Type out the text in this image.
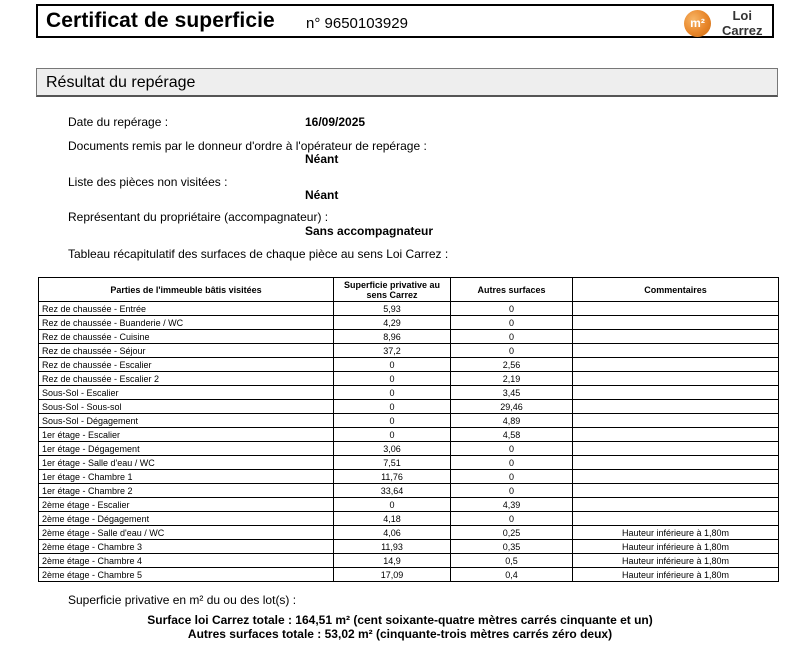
Certificat de superficie n° 9650103929	m²	Loi
Carrez
Résultat du repérage
Date du repérage :	16/09/2025
Documents remis par le donneur d'ordre à l'opérateur de repérage :
Néant
Liste des pièces non visitées :
Néant
Représentant du propriétaire (accompagnateur) :
Sans accompagnateur
Tableau récapitulatif des surfaces de chaque pièce au sens Loi Carrez :
Parties de l'immeuble bâtis visitées	Superficie privative au sens Carrez	Autres surfaces	Commentaires
Rez de chaussée - Entrée	5,93	0	
Rez de chaussée - Buanderie / WC	4,29	0	
Rez de chaussée - Cuisine	8,96	0	
Rez de chaussée - Séjour	37,2	0	
Rez de chaussée - Escalier	0	2,56	
Rez de chaussée - Escalier 2	0	2,19	
Sous-Sol - Escalier	0	3,45	
Sous-Sol - Sous-sol	0	29,46	
Sous-Sol - Dégagement	0	4,89	
1er étage - Escalier	0	4,58	
1er étage - Dégagement	3,06	0	
1er étage - Salle d'eau / WC	7,51	0	
1er étage - Chambre 1	11,76	0	
1er étage - Chambre 2	33,64	0	
2ème étage - Escalier	0	4,39	
2ème étage - Dégagement	4,18	0	
2ème étage - Salle d'eau / WC	4,06	0,25	Hauteur inférieure à 1,80m
2ème étage - Chambre 3	11,93	0,35	Hauteur inférieure à 1,80m
2ème étage - Chambre 4	14,9	0,5	Hauteur inférieure à 1,80m
2ème étage - Chambre 5	17,09	0,4	Hauteur inférieure à 1,80m
Superficie privative en m² du ou des lot(s) :
Surface loi Carrez totale : 164,51 m² (cent soixante-quatre mètres carrés cinquante et un)
Autres surfaces totale : 53,02 m² (cinquante-trois mètres carrés zéro deux)
